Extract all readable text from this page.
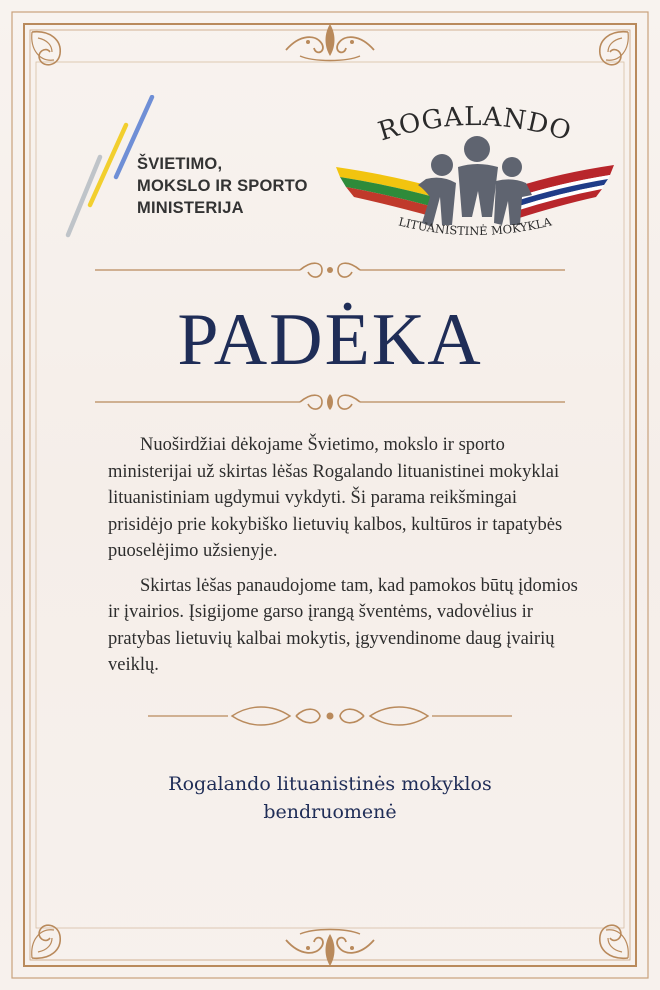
ŠVIETIMO,
MOKSLO IR SPORTO
MINISTERIJA
ROGALANDO
LITUANISTINĖ MOKYKLA
PADĖKA

Nuoširdžiai dėkojame Švietimo, mokslo ir sporto ministerijai už skirtas lėšas Rogalando lituanistinei mokyklai lituanistiniam ugdymui vykdyti. Ši parama reikšmingai prisidėjo prie kokybiško lietuvių kalbos, kultūros ir tapatybės puoselėjimo užsienyje.

Skirtas lėšas panaudojome tam, kad pamokos būtų įdomios ir įvairios. Įsigijome garso įrangą šventėms, vadovėlius ir pratybas lietuvių kalbai mokytis, įgyvendinome daug įvairių veiklų.

Rogalando lituanistinės mokyklos
bendruomenė
